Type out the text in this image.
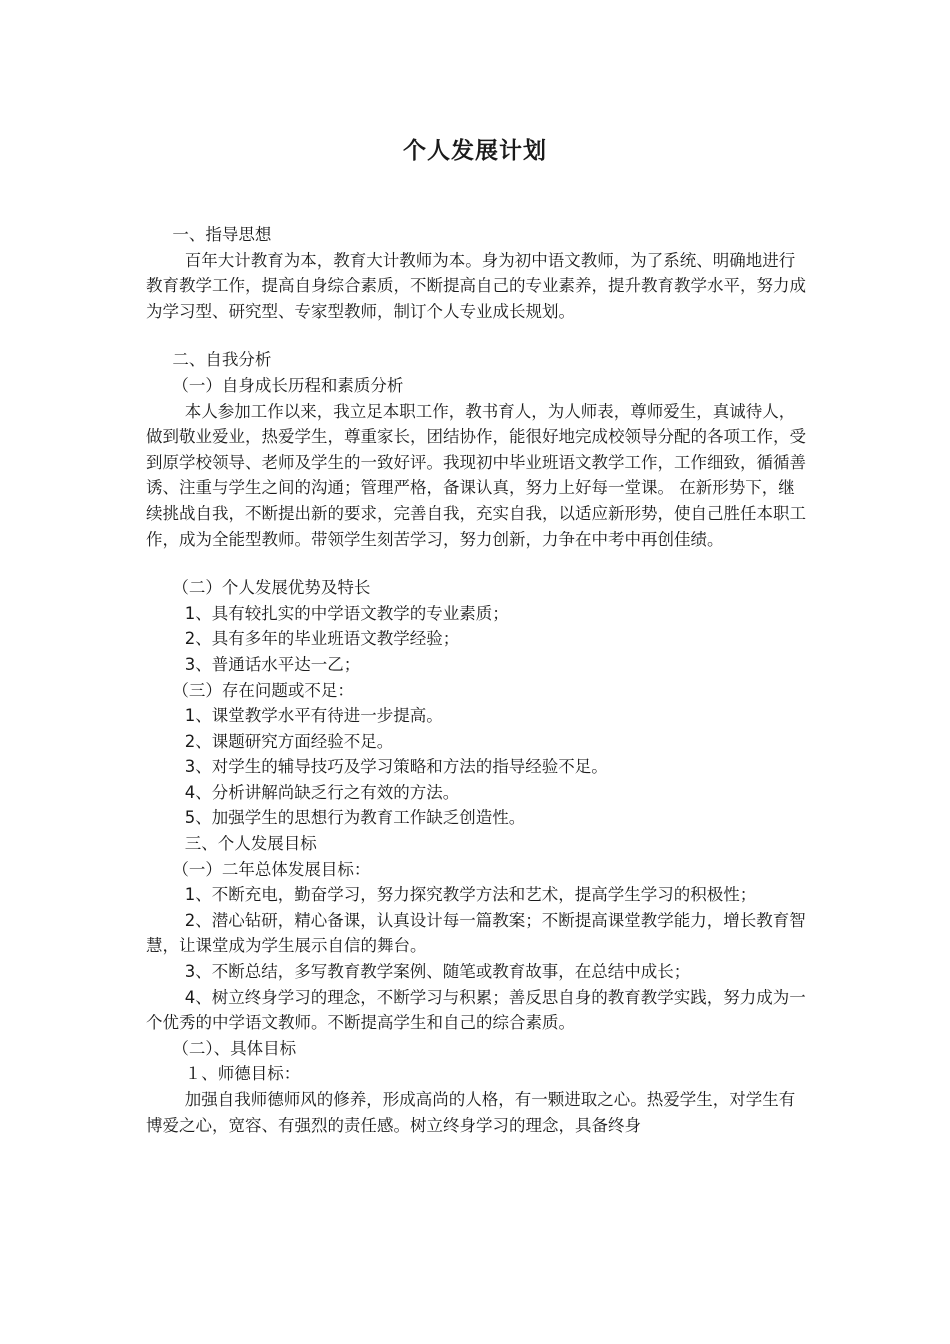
个人发展计划

一、指导思想

百年大计教育为本，教育大计教师为本。身为初中语文教师，为了系统、明确地进行教育教学工作，提高自身综合素质，不断提高自己的专业素养，提升教育教学水平，努力成为学习型、研究型、专家型教师，制订个人专业成长规划。

二、自我分析

（一）自身成长历程和素质分析

本人参加工作以来，我立足本职工作，教书育人，为人师表，尊师爱生，真诚待人，做到敬业爱业，热爱学生，尊重家长，团结协作，能很好地完成校领导分配的各项工作，受到原学校领导、老师及学生的一致好评。我现初中毕业班语文教学工作，工作细致，循循善诱、注重与学生之间的沟通；管理严格，备课认真，努力上好每一堂课。 在新形势下，继续挑战自我，不断提出新的要求，完善自我，充实自我，以适应新形势，使自己胜任本职工作，成为全能型教师。带领学生刻苦学习，努力创新，力争在中考中再创佳绩。

（二）个人发展优势及特长

1、具有较扎实的中学语文教学的专业素质；

2、具有多年的毕业班语文教学经验；

3、普通话水平达一乙；

（三）存在问题或不足：

1、课堂教学水平有待进一步提高。

2、课题研究方面经验不足。

3、对学生的辅导技巧及学习策略和方法的指导经验不足。

4、分析讲解尚缺乏行之有效的方法。

5、加强学生的思想行为教育工作缺乏创造性。

三、个人发展目标

（一）二年总体发展目标：

1、不断充电，勤奋学习，努力探究教学方法和艺术，提高学生学习的积极性；

2、潜心钻研，精心备课，认真设计每一篇教案；不断提高课堂教学能力，增长教育智慧，让课堂成为学生展示自信的舞台。

3、不断总结，多写教育教学案例、随笔或教育故事，在总结中成长；

4、树立终身学习的理念，不断学习与积累；善反思自身的教育教学实践，努力成为一个优秀的中学语文教师。不断提高学生和自己的综合素质。

（二）、具体目标

１、师德目标：

加强自我师德师风的修养，形成高尚的人格，有一颗进取之心。热爱学生，对学生有博爱之心，宽容、有强烈的责任感。树立终身学习的理念，具备终身
